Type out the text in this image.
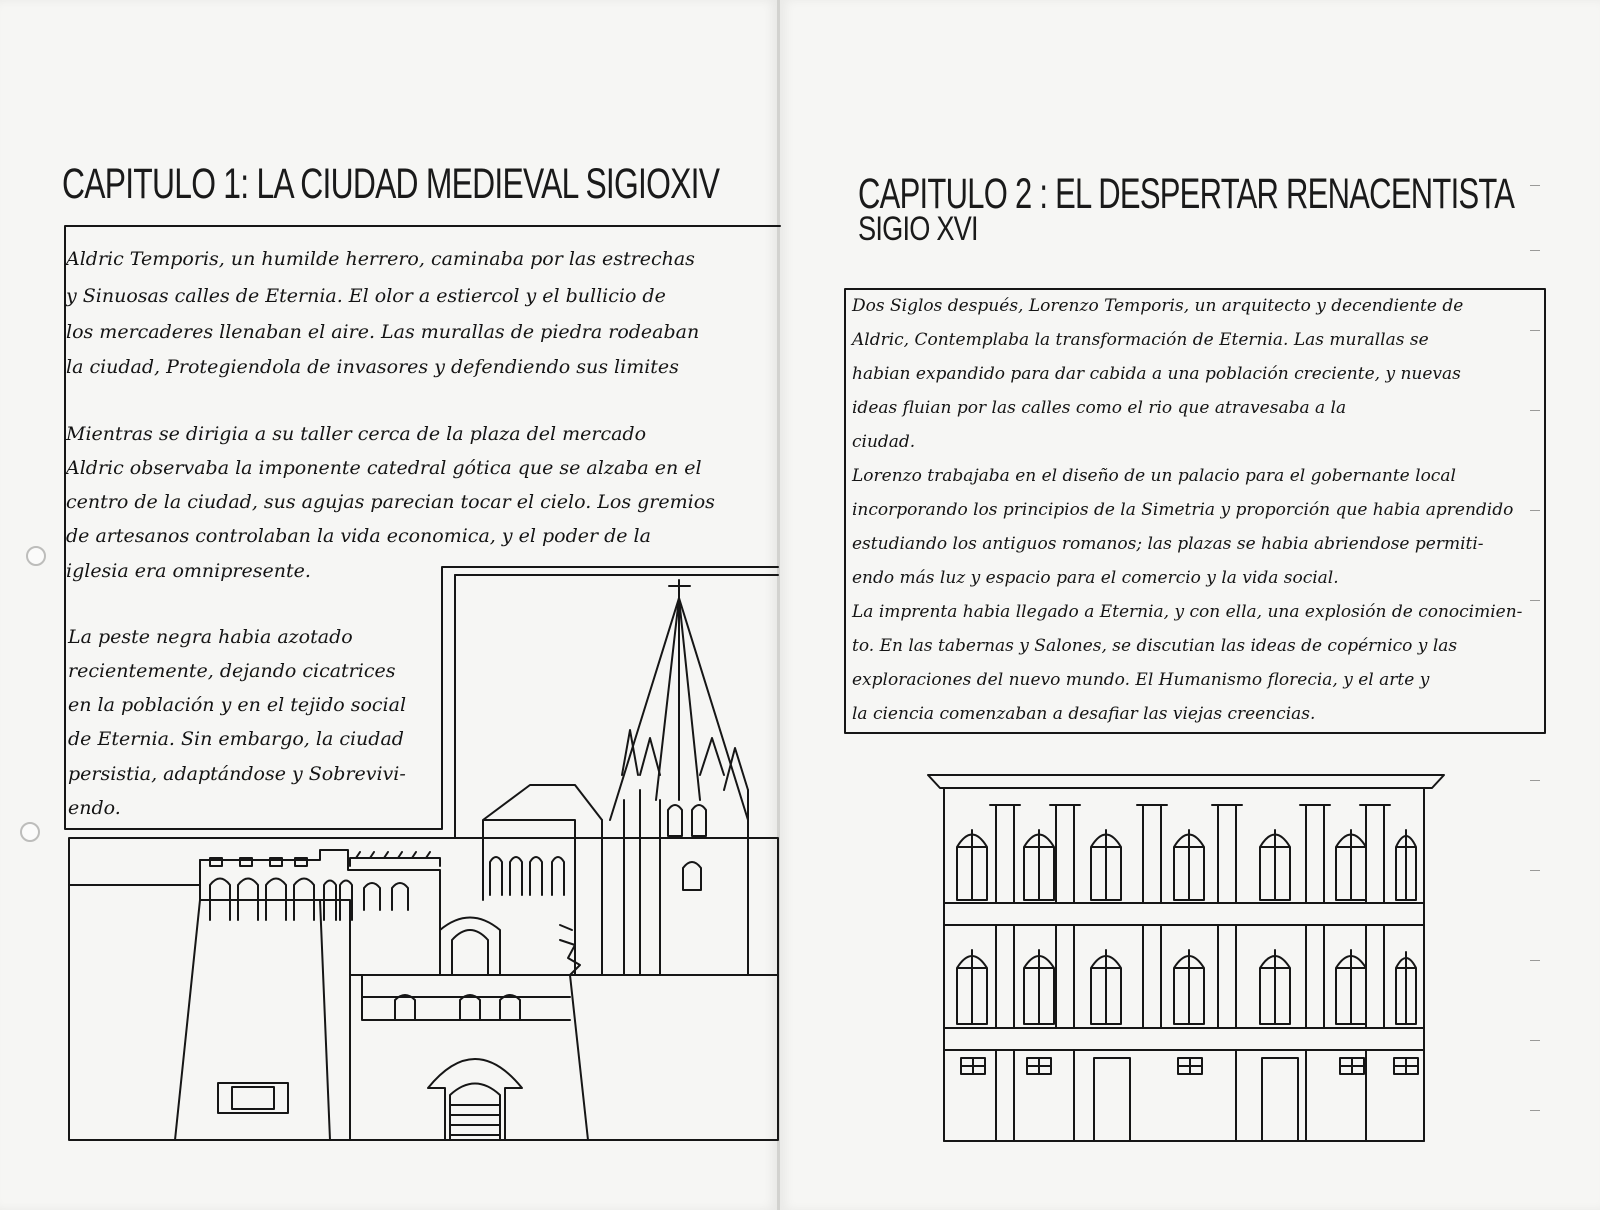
CAPITULO 1: LA CIUDAD MEDIEVAL SIGIOXIV	CAPITULO 2 : EL DESPERTAR RENACENTISTA
SIGIO XVI
Aldric Temporis, un humilde herrero, caminaba por las estrechas
y Sinuosas calles de Eternia. El olor a estiercol y el bullicio de
los mercaderes llenaban el aire. Las murallas de piedra rodeaban
la ciudad, Protegiendola de invasores y defendiendo sus limites
Mientras se dirigia a su taller cerca de la plaza del mercado
Aldric observaba la imponente catedral gótica que se alzaba en el
centro de la ciudad, sus agujas parecian tocar el cielo. Los gremios
de artesanos controlaban la vida economica, y el poder de la
iglesia era omnipresente.
La peste negra habia azotado
recientemente, dejando cicatrices
en la población y en el tejido social
de Eternia. Sin embargo, la ciudad
persistia, adaptándose y Sobrevivi-
endo.
Dos Siglos después, Lorenzo Temporis, un arquitecto y decendiente de
Aldric, Contemplaba la transformación de Eternia. Las murallas se
habian expandido para dar cabida a una población creciente, y nuevas
ideas fluian por las calles como el rio que atravesaba a la
ciudad.
Lorenzo trabajaba en el diseño de un palacio para el gobernante local
incorporando los principios de la Simetria y proporción que habia aprendido
estudiando los antiguos romanos; las plazas se habia abriendose permiti-
endo más luz y espacio para el comercio y la vida social.
La imprenta habia llegado a Eternia, y con ella, una explosión de conocimien-
to. En las tabernas y Salones, se discutian las ideas de copérnico y las
exploraciones del nuevo mundo. El Humanismo florecia, y el arte y
la ciencia comenzaban a desafiar las viejas creencias.
